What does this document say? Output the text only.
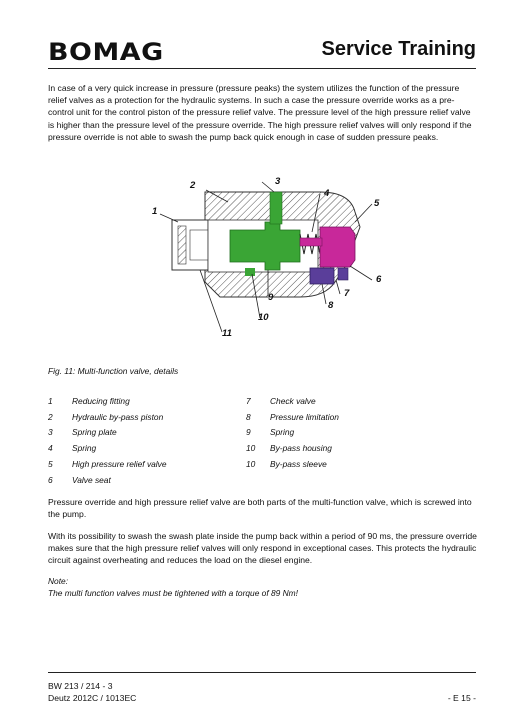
BOMAG	Service Training
In case of a very quick increase in pressure (pressure peaks) the system utilizes the function of the pressure relief valves as a protection for the hydraulic systems. In such a case the pressure override works as a pre-control unit for the control piston of the pressure relief valve. The pressure level of the high pressure relief valve is higher than the pressure level of the pressure override. The high pressure relief valves will only respond if the pressure override is not able to swash the pump back quick enough in case of sudden pressure peaks.
1
2	3
4
5
6
7
8
9
10
11
Fig. 11: Multi-function valve, details
1	Reducing fitting
2	Hydraulic by-pass piston
3	Spring plate
4	Spring
5	High pressure relief valve
6	Valve seat
7	Check valve
8	Pressure limitation
9	Spring
10	By-pass housing
10	By-pass sleeve
Pressure override and high pressure relief valve are both parts of the multi-function valve, which is screwed into the pump.
With its possibility to swash the swash plate inside the pump back within a period of 90 ms, the pressure override makes sure that the high pressure relief valves will only respond in exceptional cases. This protects the hydraulic circuit against overheating and reduces the load on the diesel engine.
Note:
The multi function valves must be tightened with a torque of 89 Nm!
BW 213 / 214 - 3
Deutz 2012C / 1013EC	- E 15 -
